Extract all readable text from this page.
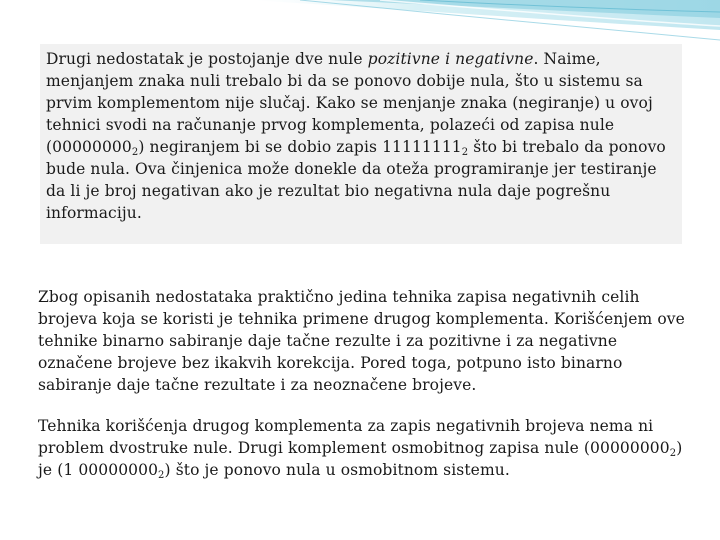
Drugi nedostatak je postojanje dve nule pozitivne i negativne. Naime, menjanjem znaka nuli trebalo bi da se ponovo dobije nula, što u sistemu sa prvim komplementom nije slučaj. Kako se menjanje znaka (negiranje) u ovoj tehnici svodi na računanje prvog komplementa, polazeći od zapisa nule $(00000000_2)$ negiranjem bi se dobio zapis $11111111_2$ što bi trebalo da ponovo bude nula. Ova činjenica može donekle da oteža programiranje jer testiranje da li je broj negativan ako je rezultat bio negativna nula daje pogrešnu informaciju.

Zbog opisanih nedostataka praktično jedina tehnika zapisa negativnih celih brojeva koja se koristi je tehnika primene drugog komplementa. Korišćenjem ove tehnike binarno sabiranje daje tačne rezulte i za pozitivne i za negativne označene brojeve bez ikakvih korekcija. Pored toga, potpuno isto binarno sabiranje daje tačne rezultate i za neoznačene brojeve.

Tehnika korišćenja drugog komplementa za zapis negativnih brojeva nema ni problem dvostruke nule. Drugi komplement osmobitnog zapisa nule $(00000000_2)$ je (1 $00000000_2$) što je ponovo nula u osmobitnom sistemu.
